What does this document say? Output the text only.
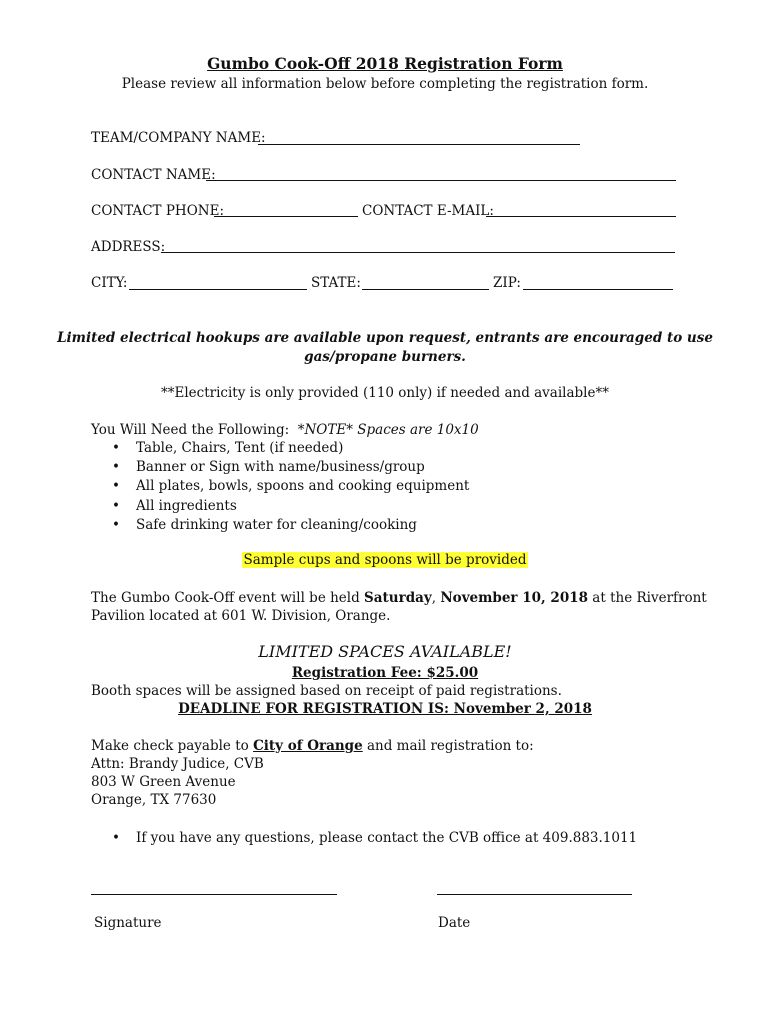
Gumbo Cook-Off 2018 Registration Form
Please review all information below before completing the registration form.
TEAM/COMPANY NAME:
CONTACT NAME:
CONTACT PHONE:	CONTACT E-MAIL:
ADDRESS:
CITY:	STATE:	ZIP:
Limited electrical hookups are available upon request, entrants are encouraged to use
gas/propane burners.
**Electricity is only provided (110 only) if needed and available**
You Will Need the Following: *NOTE* Spaces are 10x10
• Table, Chairs, Tent (if needed)
• Banner or Sign with name/business/group
• All plates, bowls, spoons and cooking equipment
• All ingredients
• Safe drinking water for cleaning/cooking
Sample cups and spoons will be provided
The Gumbo Cook-Off event will be held Saturday, November 10, 2018 at the Riverfront
Pavilion located at 601 W. Division, Orange.
LIMITED SPACES AVAILABLE!
Registration Fee: $25.00
Booth spaces will be assigned based on receipt of paid registrations.
DEADLINE FOR REGISTRATION IS: November 2, 2018
Make check payable to City of Orange and mail registration to:
Attn: Brandy Judice, CVB
803 W Green Avenue
Orange, TX 77630
• If you have any questions, please contact the CVB office at 409.883.1011
Signature	Date
